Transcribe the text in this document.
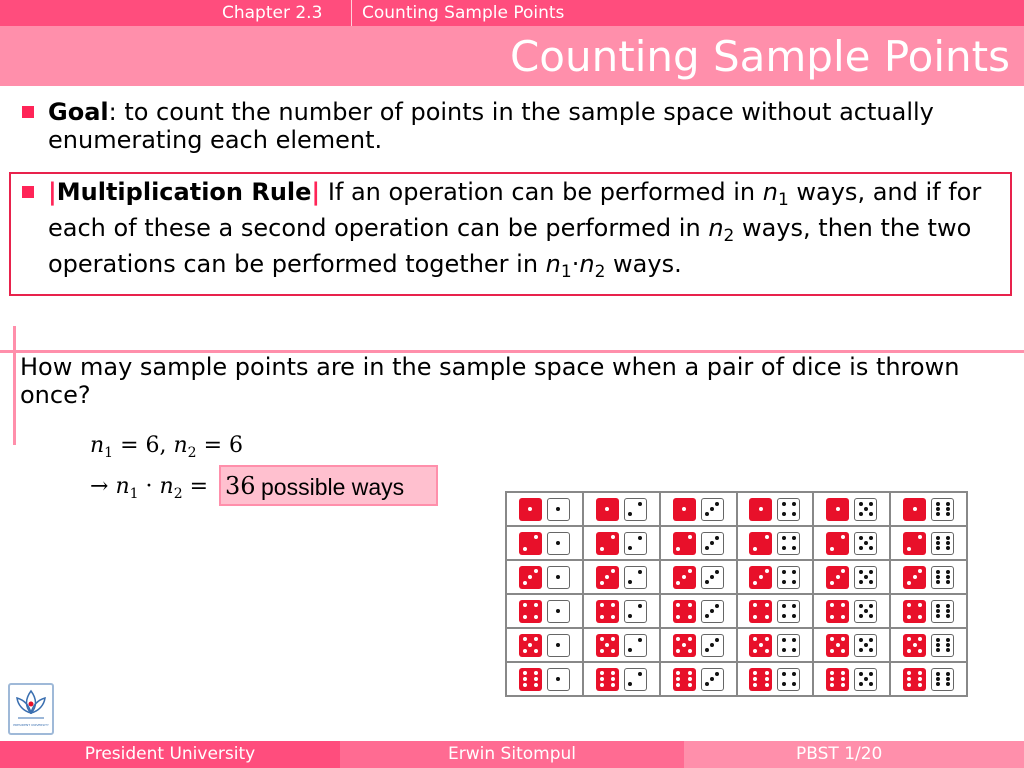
Chapter 2.3 Counting Sample Points
Counting Sample Points
Goal: to count the number of points in the sample space without actually enumerating each element.
|Multiplication Rule| If an operation can be performed in $n_1$ ways, and if for each of these a second operation can be performed in $n_2$ ways, then the two operations can be performed together in $n_1\cdot n_2$ ways.
How may sample points are in the sample space when a pair of dice is thrown once?
$n_1 = 6$, $n_2 = 6$
→ $n_1 \cdot n_2 = 36$ possible ways
PRESIDENT UNIVERSITY
President University	Erwin Sitompul	PBST 1/20
